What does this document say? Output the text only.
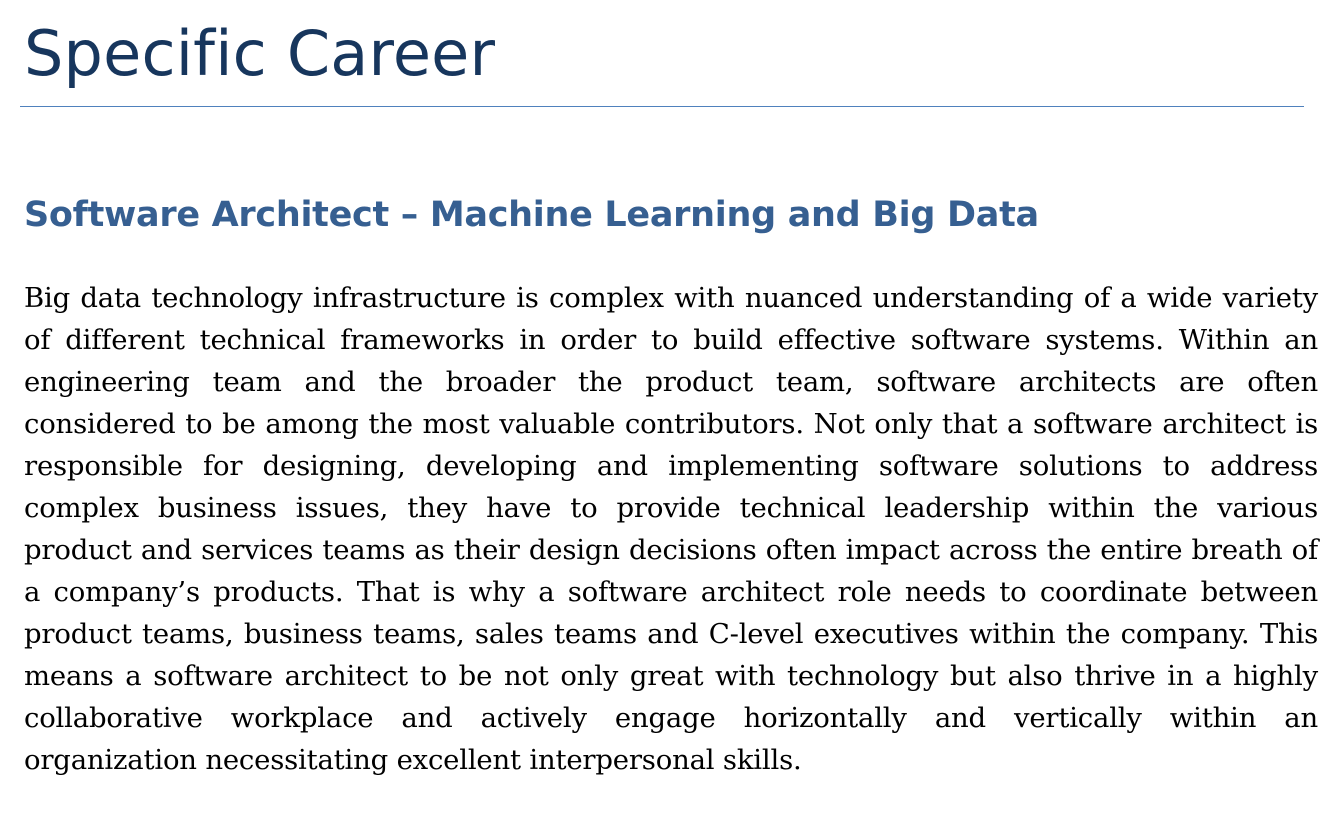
Specific Career
Software Architect – Machine Learning and Big Data

Big data technology infrastructure is complex with nuanced understanding of a wide variety of different technical frameworks in order to build effective software systems. Within an engineering team and the broader the product team, software architects are often considered to be among the most valuable contributors. Not only that a software architect is responsible for designing, developing and implementing software solutions to address complex business issues, they have to provide technical leadership within the various product and services teams as their design decisions often impact across the entire breath of a company’s products. That is why a software architect role needs to coordinate between product teams, business teams, sales teams and C-level executives within the company. This means a software architect to be not only great with technology but also thrive in a highly collaborative workplace and actively engage horizontally and vertically within an organization necessitating excellent interpersonal skills.
